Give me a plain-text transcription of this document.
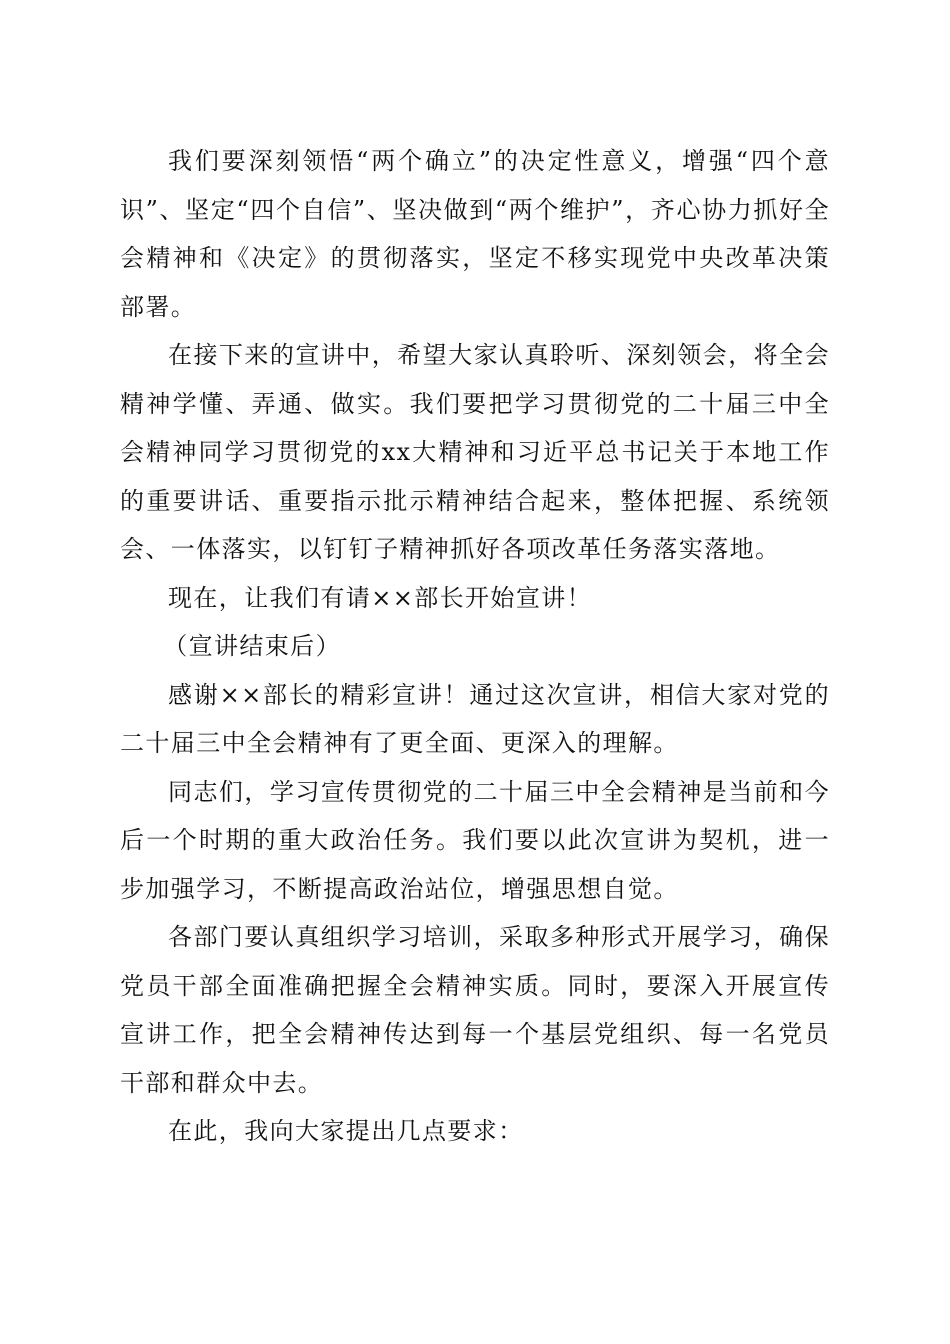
我们要深刻领悟“两个确立”的决定性意义，增强“四个意识”、坚定“四个自信”、坚决做到“两个维护”，齐心协力抓好全会精神和《决定》的贯彻落实，坚定不移实现党中央改革决策部署。

在接下来的宣讲中，希望大家认真聆听、深刻领会，将全会精神学懂、弄通、做实。我们要把学习贯彻党的二十届三中全会精神同学习贯彻党的xx大精神和习近平总书记关于本地工作的重要讲话、重要指示批示精神结合起来，整体把握、系统领会、一体落实，以钉钉子精神抓好各项改革任务落实落地。

现在，让我们有请××部长开始宣讲！

（宣讲结束后）

感谢××部长的精彩宣讲！通过这次宣讲，相信大家对党的二十届三中全会精神有了更全面、更深入的理解。

同志们，学习宣传贯彻党的二十届三中全会精神是当前和今后一个时期的重大政治任务。我们要以此次宣讲为契机，进一步加强学习，不断提高政治站位，增强思想自觉。

各部门要认真组织学习培训，采取多种形式开展学习，确保党员干部全面准确把握全会精神实质。同时，要深入开展宣传宣讲工作，把全会精神传达到每一个基层党组织、每一名党员干部和群众中去。

在此，我向大家提出几点要求：
